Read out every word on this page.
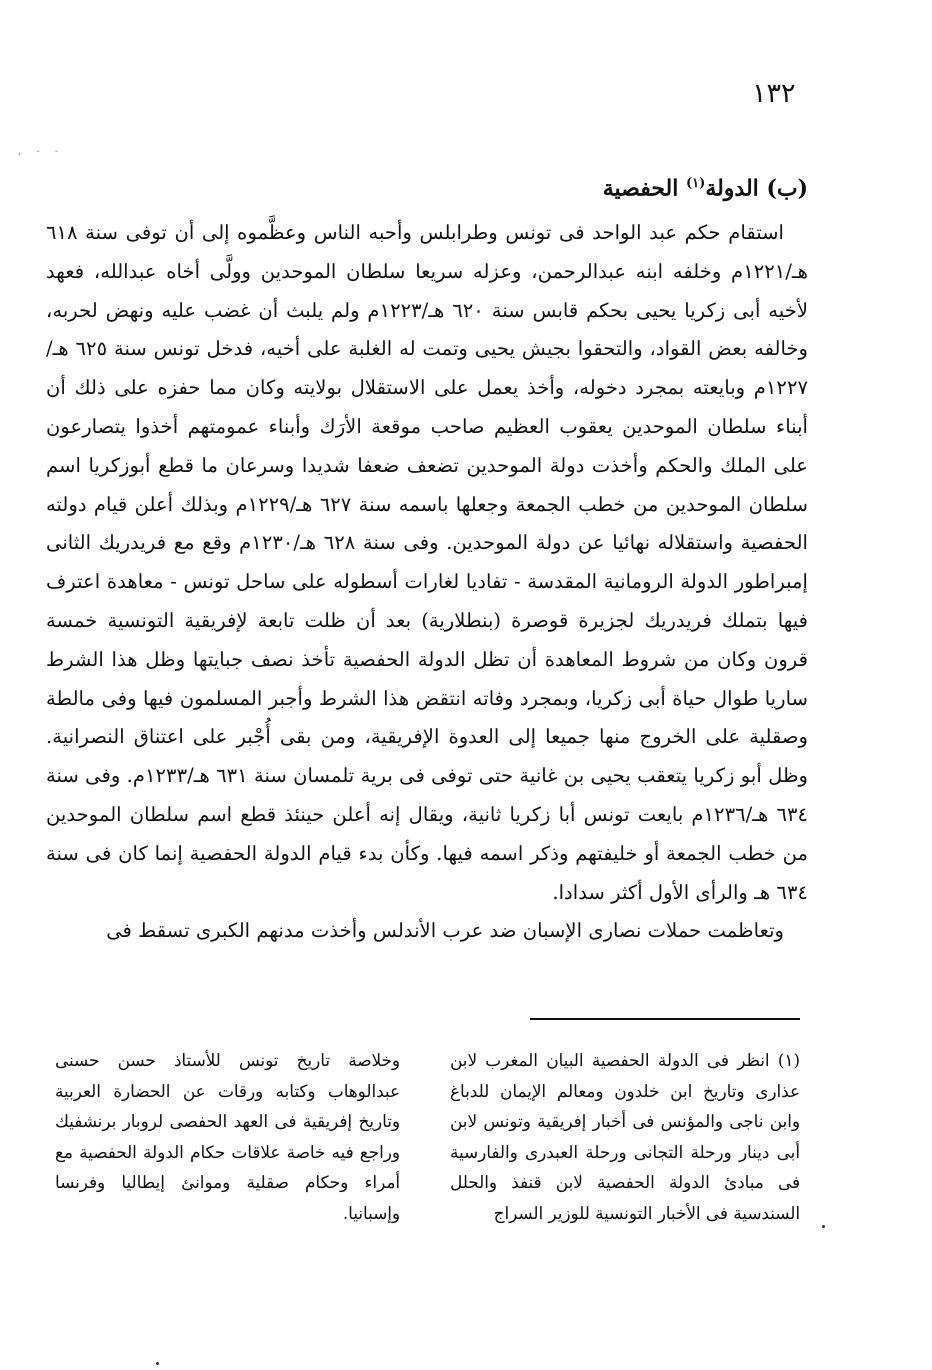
١٣٢
- - ,
(ب) الدولة$^{(١)}$ الحفصية

استقام حكم عبد الواحد فى تونس وطرابلس وأحبه الناس وعظَّموه إلى أن توفى سنة ٦١٨ هـ/١٢٢١م وخلفه ابنه عبدالرحمن، وعزله سريعا سلطان الموحدين وولَّى أخاه عبدالله، فعهد لأخيه أبى زكريا يحيى بحكم قابس سنة ٦٢٠ هـ/١٢٢٣م ولم يلبث أن غضب عليه ونهض لحربه، وخالفه بعض القواد، والتحقوا بجيش يحيى وتمت له الغلبة على أخيه، فدخل تونس سنة ٦٢٥ هـ/١٢٢٧م وبايعته بمجرد دخوله، وأخذ يعمل على الاستقلال بولايته وكان مما حفزه على ذلك أن أبناء سلطان الموحدين يعقوب العظيم صاحب موقعة الأرَك وأبناء عمومتهم أخذوا يتصارعون على الملك والحكم وأخذت دولة الموحدين تضعف ضعفا شديدا وسرعان ما قطع أبوزكريا اسم سلطان الموحدين من خطب الجمعة وجعلها باسمه سنة ٦٢٧ هـ/١٢٢٩م وبذلك أعلن قيام دولته الحفصية واستقلاله نهائيا عن دولة الموحدين. وفى سنة ٦٢٨ هـ/١٢٣٠م وقع مع فريدريك الثانى إمبراطور الدولة الرومانية المقدسة - تفاديا لغارات أسطوله على ساحل تونس - معاهدة اعترف فيها بتملك فريدريك لجزيرة قوصرة (بنطلارية) بعد أن ظلت تابعة لإفريقية التونسية خمسة قرون وكان من شروط المعاهدة أن تظل الدولة الحفصية تأخذ نصف جبايتها وظل هذا الشرط ساريا طوال حياة أبى زكريا، وبمجرد وفاته انتقض هذا الشرط وأجبر المسلمون فيها وفى مالطة وصقلية على الخروج منها جميعا إلى العدوة الإفريقية، ومن بقى أُجْبر على اعتناق النصرانية. وظل أبو زكريا يتعقب يحيى بن غانية حتى توفى فى برية تلمسان سنة ٦٣١ هـ/١٢٣٣م. وفى سنة ٦٣٤ هـ/١٢٣٦م بايعت تونس أبا زكريا ثانية، ويقال إنه أعلن حينئذ قطع اسم سلطان الموحدين من خطب الجمعة أو خليفتهم وذكر اسمه فيها. وكأن بدء قيام الدولة الحفصية إنما كان فى سنة ٦٣٤ هـ والرأى الأول أكثر سدادا.

وتعاظمت حملات نصارى الإسبان ضد عرب الأندلس وأخذت مدنهم الكبرى تسقط فى

(١) انظر فى الدولة الحفصية البيان المغرب لابن عذارى وتاريخ ابن خلدون ومعالم الإيمان للدباغ وابن ناجى والمؤنس فى أخبار إفريقية وتونس لابن أبى دينار ورحلة التجانى ورحلة العبدرى والفارسية فى مبادئ الدولة الحفصية لابن قنفذ والحلل السندسية فى الأخبار التونسية للوزير السراج

وخلاصة تاريخ تونس للأستاذ حسن حسنى عبدالوهاب وكتابه ورقات عن الحضارة العربية وتاريخ إفريقية فى العهد الحفصى لروبار برنشفيك وراجع فيه خاصة علاقات حكام الدولة الحفصية مع أمراء وحكام صقلية وموانئ إيطاليا وفرنسا وإسبانيا.
